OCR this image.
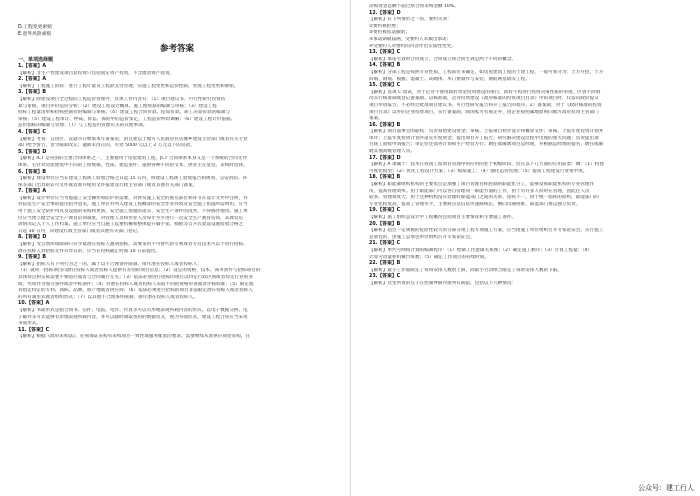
D.工程变更索赔
E.意外风险索赔
参考答案
一、单项选择题
1.【答案】A
【解析】非生产性建设项目总投资只包括固定资产投资，不含流动资产投资。
2.【答案】A
【解析】工程施工阶段：进行工程计量及工程款支付管理，实施工程变更和造价控制，处理工程变更和索赔。
3.【答案】B
【解析】除建设项目全过程的工程造价管理外，具体工作内容有：（1）项目建议书、可行性研究投资估
算与审核，项目评价造价分析；（2）建设工程设计概算、施工图预算的编制与审核；（3）建设工程
招标工程量清单和招标控制价的编制与审核；（4）建设工程合同价款、结算价款、竣工决算价款的编制与
审核；（5）建设工程审计、仲裁、诉讼、保险中的造价鉴定，工程造价纠纷调解；（6）建设工程计价依据、
造价指标的编制与管理；（7）与工程造价管理有关的其他事项。
4.【答案】C
【解析】考查：自由区、直辖市在继承本年备案的，由且建以上地方人民政府住房城乡建设主管部门或者有关专业
部门给予警告，责令限期改正；逾期未改正的，可处 5000 元以上 2 万元以下的罚款。
5.【答案】D
【解析】ICT 是英国的主要合同体系之一，主要通用于房屋建筑工程。JCT 合同体系本身又是一个系统的合同文件
体系，它针对房屋建筑中不同的工程规模、性质、建造条件，提供各种不同的文本，供业主在发包、采购时选择。
6.【答案】B
【解析】建设单位应当在建设工程竣工验收合格之日起 15 日内，将建设工程竣工验收报告和规划、公安消防、环
保等部门出具的认可文件或者准许使用文件报建设行政主管部门或者其他有关部门备案。
7.【答案】A
【解析】设计单位应当考虑施工安全操作和防护的需要，对涉及施工安全的重点部位和环节在设计文件中注明，并
对防范生产安全事故提出指导意见。施工单位对列入建设工程概算的安全作业环境及安全施工措施所需费用，应当
用于施工安全防护用具及设施的采购和更新、安全施工措施的落实、安全生产条件的改善，不得挪作他用。施工单
位应当建立健全安全生产教育培训制度，对管理人员和作业人员每年至少进行一次安全生产教育培训，其教育培
训情况记入个人工作档案。施工单位应当自施工起重机械和整体提升脚手架、模板等自升式架设设施验收合格之
日起 30 日内，向建设行政主管部门或者其他有关部门登记。
8.【答案】D
【解析】受自然环境限制只有少量潜在投标人邀请招标。需要采用不可替代的专利或者专有技术可以不进行招标。
潜在投标人对招标文件有异议的，应当在投标截止时间 10 日前提出。
9.【答案】B
【解析】招标人有下列行为之一的，属于以不合理条件限制、排斥潜在投标人或者投标人：
（1）就同一招标项目向潜在投标人或者投标人提供有差别的项目信息；（2）设定的资格、技术、商务条件与招标项目的
具体特点和实际需要不相适应或者与合同履行无关；（3）依法必须进行招标的项目以特定行政区域或者特定行业的业
绩、奖项作为加分条件或者中标条件；（4）对潜在投标人或者投标人采取不同的资格审查或者评标标准；（5）限定或
者指定特定的专利、商标、品牌、原产地或者供应商；（6）依法必须进行招标的项目非法限定潜在投标人或者投标人
的所有制形式或者组织形式；（7）以其他不合理条件限制、排斥潜在投标人或者投标人。
10.【答案】A
【解析】书面形式是指合同书、信件、电报、电传、传真等可以有形地表现所载内容的形式。以电子数据交换、电
子邮件等方式能够有形地表现所载内容，并可以随时调取查用的数据电文，视为书面形式。建设工程合同应当采用
书面形式。
11.【答案】C
【解析】根据《政府采购法》，必须保证采购有采购项目一致性或服务配套的要求，需要继续从原供应商处采购，且
添购资金总额不超过原合同采购金额 10%。
12.【答案】D
【解析】有下列情形之一的，要约失效：
①要约被拒绝；
②要约被依法撤销；
③承诺期限届满，受要约人未做出承诺；
④受要约人对要约的内容作出实质性变更。
13.【答案】C
【解析】承诺生效时合同成立，合同成立和合同生效是两个不同的概念。
14.【答案】B
【解析】分部工程是按照专业性质、工程部位来确定，如房屋建筑工程的土建工程，一般可划分为：土方开挖、土方
回填、钢筋、模板、混凝土、砖砌体、木门窗制作与安装、钢筋网基础等工程。
15.【答案】C
【解析】选项 C 错误，对于企业不使用政府资金投资建设的项目，政府不再进行投资决策性质的审批，区别不同情
况实行核准制或登记备案制。以核准制，企业投资建设《政府核准的投资项目目录》中的项目时，仅需向政府提交
项目申请报告，不必经过批准项目建议书、可行性研究报告和开工报告的程序。2）备案制，对于《政府核准的投资
项目目录》以外的企业投资项目，实行备案制，除国家另有规定外，由企业按照属地原则向地方政府投资主管部门
备案。
16.【答案】B
【解析】项目董事会的职权：负责筹措建设资金；审核、上报项目初步设计和概算文件；审核、上报年度投资计划并
审评；上报年度投资计划并落实年度资金；提出项目开工报告；研究解决建设过程中出现的重大问题；负责提出项
目竣工验收申请报告；审定偿还债务计划和生产经营方针；聘任或解聘项目总经理，并根据总经理的提名，聘任或解
聘其他高级管理人员。
17.【答案】D
【解析】A 项属于：技术在我国工程项目管理中的应用的处于初级阶段，但在以下几方面的应用前景广阔：（1）构建
可视化模型；（2）优化工程设计方案；（3）模拟施工；（4）强化造价管理；（5）提高工程建设行业集中度。
18.【答案】B
【解析】职能制组织机构的主要优点是加强了项目管理目标控制的职能化分工，能够发挥职能机构的专业管理作
用，提高管理效率。由于职能部门可以各自管理同一职能方面的工作，由于有许多人同时在管理，因此任人员
较多，管理难度大；由于这种机构没有处理好职能部门之间的关系，指挥不一。由于统一指挥的原则，职能部门的
专业化程度高，提高了管理水平，主要缺点是信息传递路线长，横向沟通困难，职能部门难以独立负责。
19.【答案】C
【解析】施工组织总设计中工程概况包括项目主要情况和主要施工条件。
20.【答案】B
【解析】超过一定规模的危险性较大的分部分项工程专项施工方案，应当由施工单位组织召开专家论证会。实行施工
总承包的，由施工总承包单位组织召开专家论证会。
21.【答案】C
【解析】单代号网络计划的编制程序：（1）绘制工作逻辑关系图；（2）确定施工顺序；（3）计算工程量；（4）
计算劳动量和机械台班数；（5）确定工作项目的持续时间。
22.【答案】B
【解析】最小工作面限定了每班安排人数的上限，而最小劳动组合限定了每班安排人数的下限。
23.【答案】C
【解析】这里所说的点子在控制界限内排列有缺陷，包括以下几种情况：
公众号：建工行人
